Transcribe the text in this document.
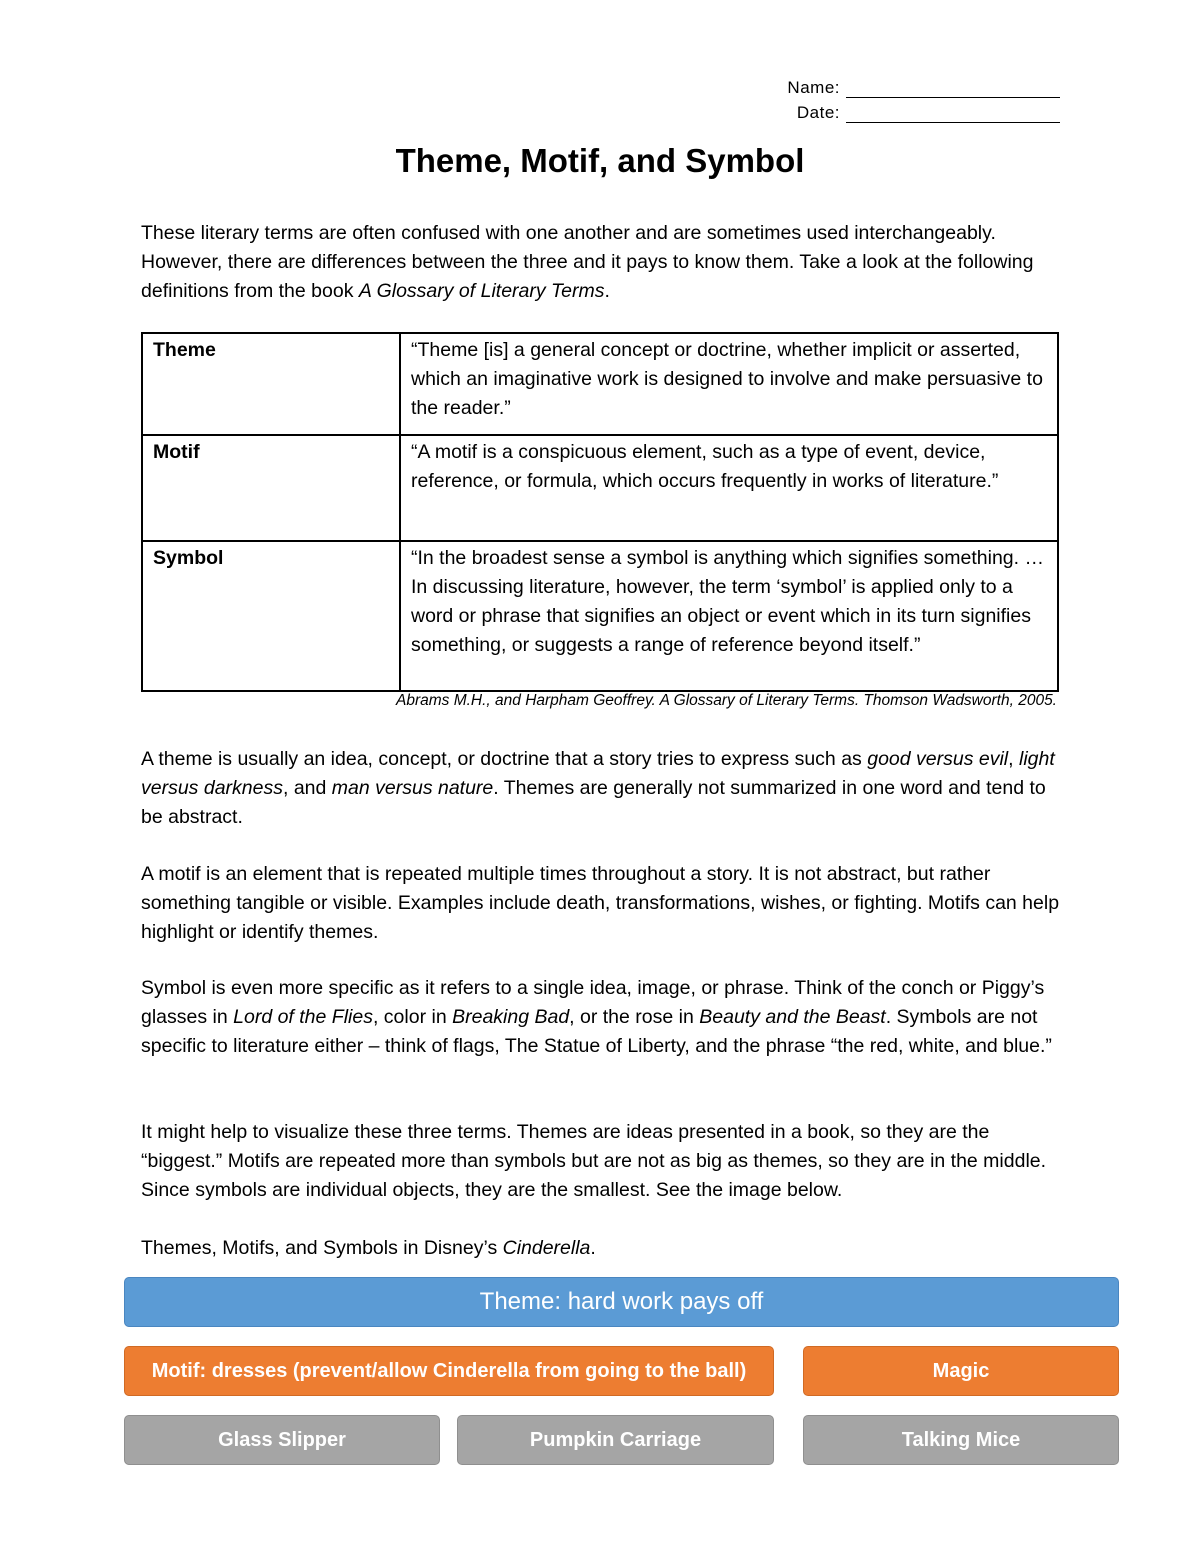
Name:
Date:
Theme, Motif, and Symbol

These literary terms are often confused with one another and are sometimes used interchangeably. However, there are differences between the three and it pays to know them. Take a look at the following definitions from the book A Glossary of Literary Terms.

Theme	“Theme [is] a general concept or doctrine, whether implicit or asserted, which an imaginative work is designed to involve and make persuasive to the reader.”
Motif	“A motif is a conspicuous element, such as a type of event, device, reference, or formula, which occurs frequently in works of literature.”
Symbol	“In the broadest sense a symbol is anything which signifies something. … In discussing literature, however, the term ‘symbol’ is applied only to a word or phrase that signifies an object or event which in its turn signifies something, or suggests a range of reference beyond itself.”
Abrams M.H., and Harpham Geoffrey. A Glossary of Literary Terms. Thomson Wadsworth, 2005.

A theme is usually an idea, concept, or doctrine that a story tries to express such as good versus evil, light versus darkness, and man versus nature. Themes are generally not summarized in one word and tend to be abstract.

A motif is an element that is repeated multiple times throughout a story. It is not abstract, but rather something tangible or visible. Examples include death, transformations, wishes, or fighting. Motifs can help highlight or identify themes.

Symbol is even more specific as it refers to a single idea, image, or phrase. Think of the conch or Piggy’s glasses in Lord of the Flies, color in Breaking Bad, or the rose in Beauty and the Beast. Symbols are not specific to literature either – think of flags, The Statue of Liberty, and the phrase “the red, white, and blue.”

It might help to visualize these three terms. Themes are ideas presented in a book, so they are the “biggest.” Motifs are repeated more than symbols but are not as big as themes, so they are in the middle. Since symbols are individual objects, they are the smallest. See the image below.

Themes, Motifs, and Symbols in Disney’s Cinderella.

Theme: hard work pays off
Motif: dresses (prevent/allow Cinderella from going to the ball)	Magic
Glass Slipper	Pumpkin Carriage	Talking Mice
